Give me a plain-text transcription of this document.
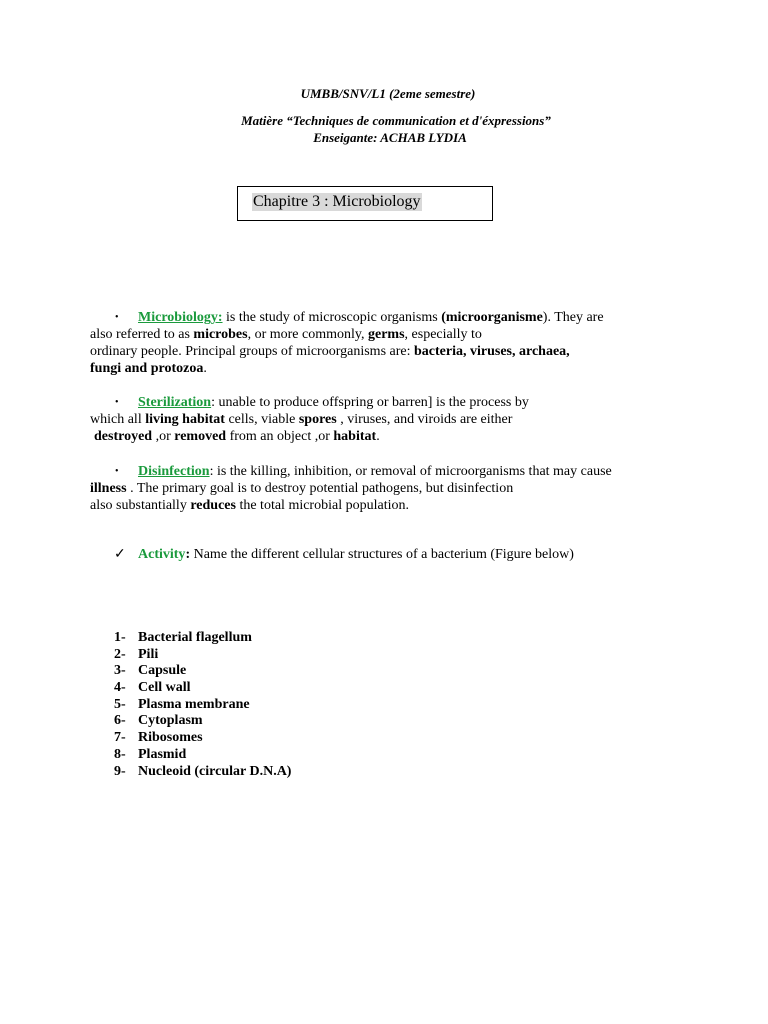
UMBB/SNV/L1 (2eme semestre)
Matière “Techniques de communication et d'éxpressions”
Enseigante: ACHAB LYDIA
Chapitre 3 : Microbiology
•	Microbiology: is the study of microscopic organisms (microorganisme). They are
also referred to as microbes, or more commonly, germs, especially to
ordinary people. Principal groups of microorganisms are: bacteria, viruses, archaea,
fungi and protozoa.
•	Sterilization: unable to produce offspring or barren] is the process by
which all living habitat cells, viable spores , viruses, and viroids are either
destroyed ,or removed from an object ,or habitat.
•	Disinfection: is the killing, inhibition, or removal of microorganisms that may cause
illness . The primary goal is to destroy potential pathogens, but disinfection
also substantially reduces the total microbial population.
✓ Activity: Name the different cellular structures of a bacterium (Figure below)
1- Bacterial flagellum
2- Pili
3- Capsule
4- Cell wall
5- Plasma membrane
6- Cytoplasm
7- Ribosomes
8- Plasmid
9- Nucleoid (circular D.N.A)
